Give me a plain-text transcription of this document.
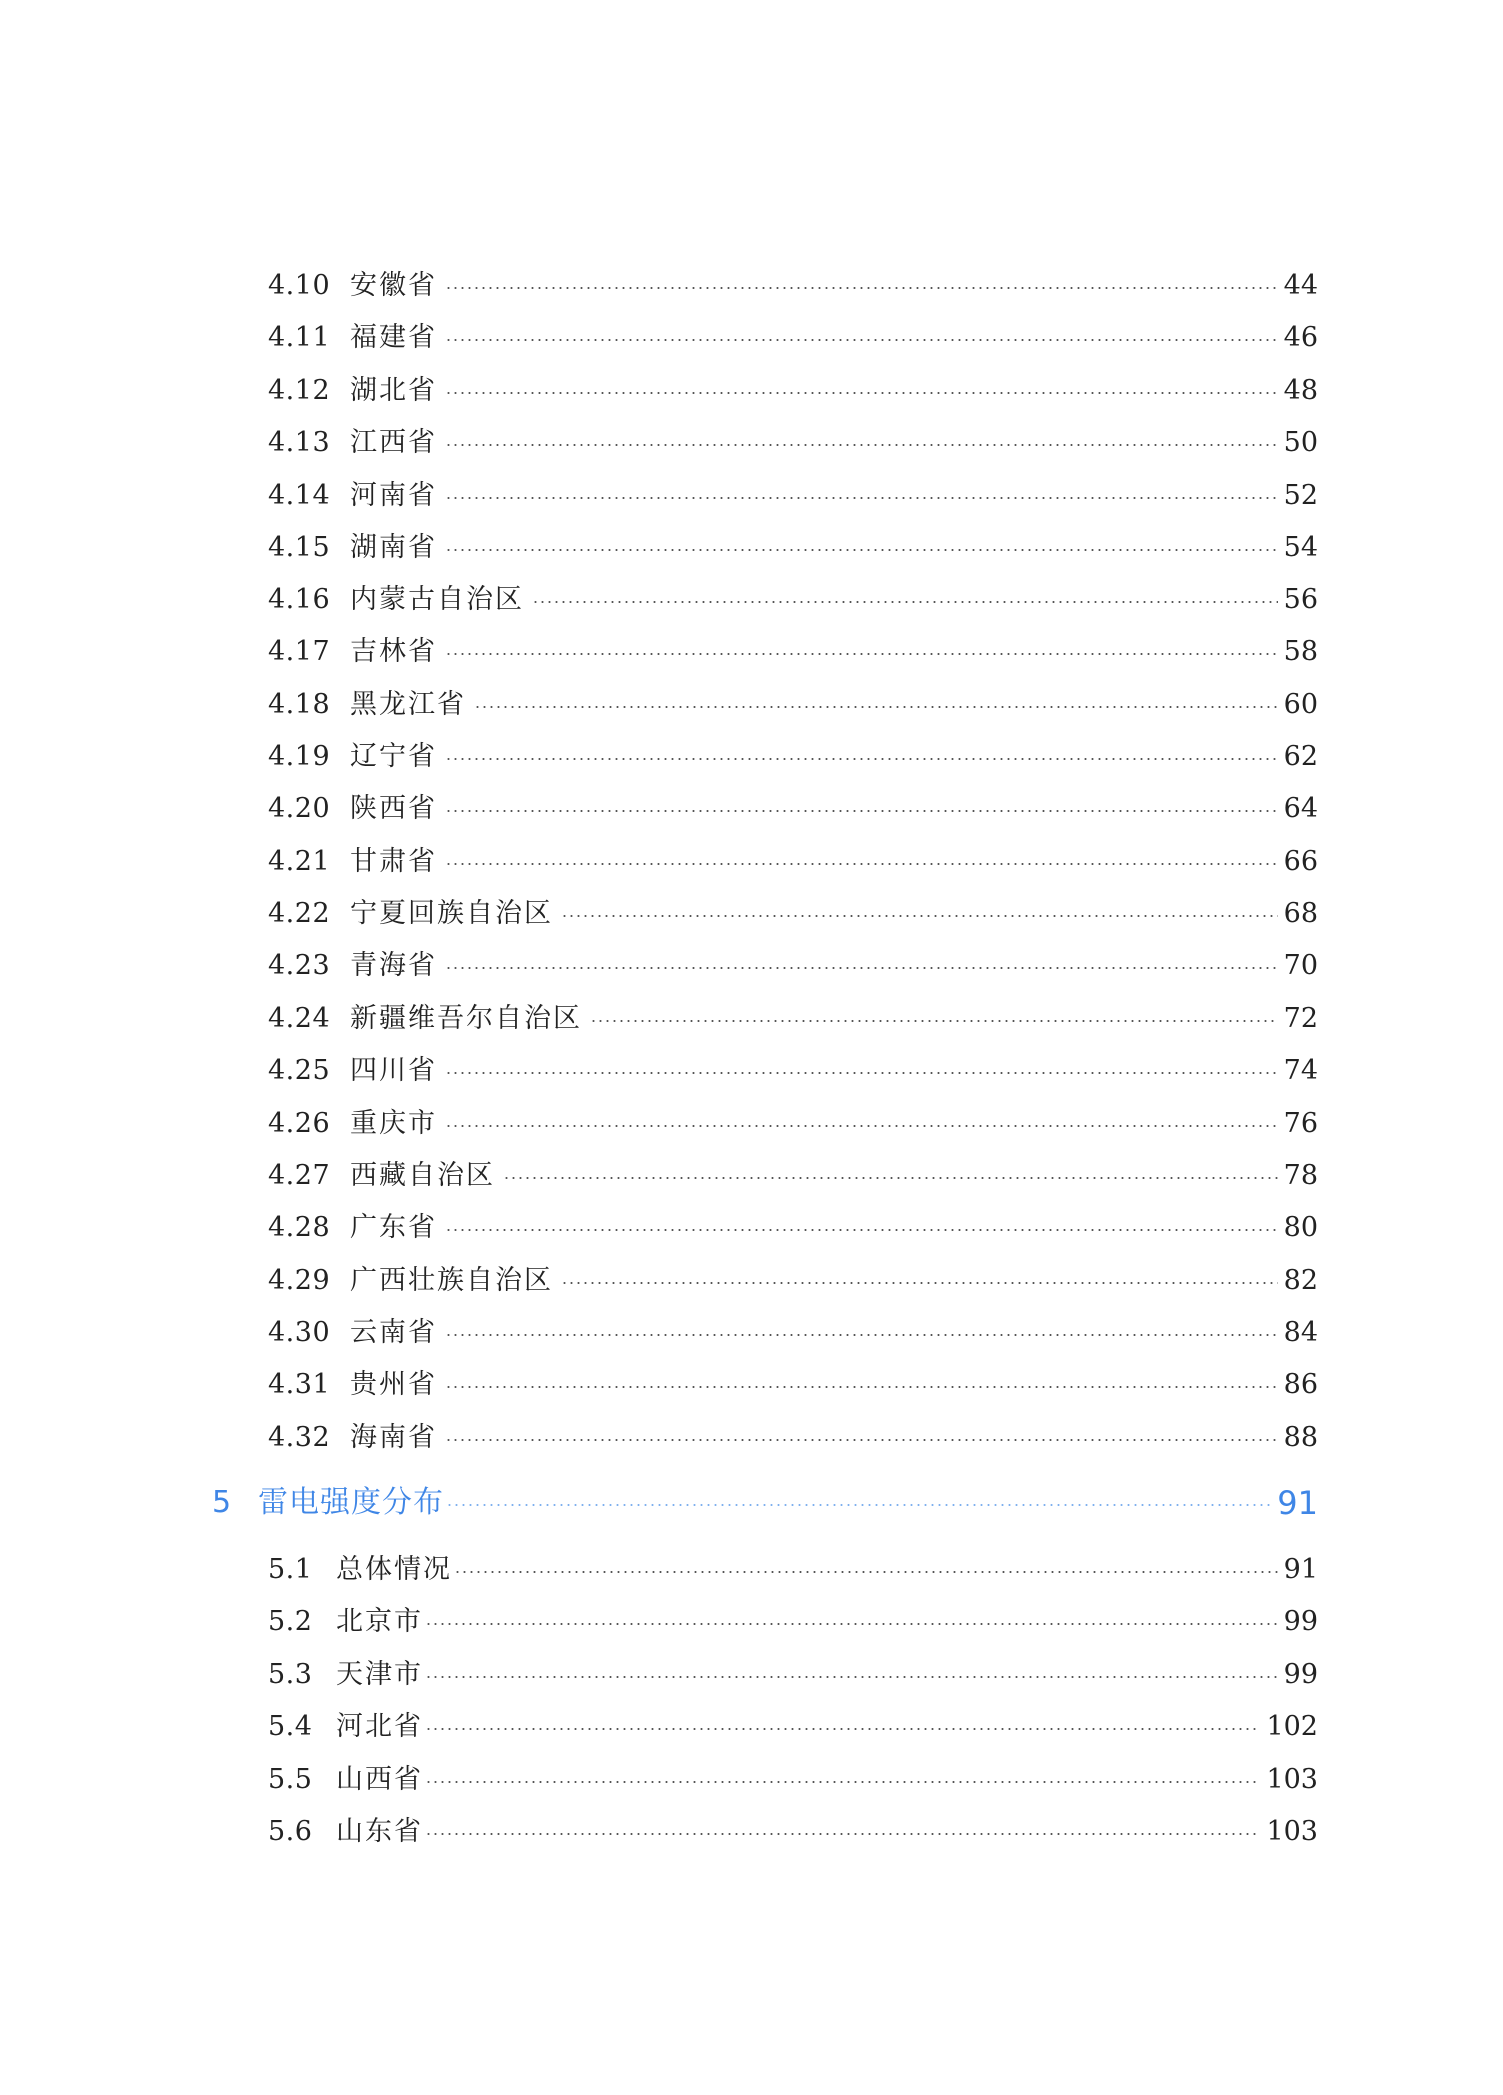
4.10 安徽省	44
4.11 福建省	46
4.12 湖北省	48
4.13 江西省	50
4.14 河南省	52
4.15 湖南省	54
4.16 内蒙古自治区	56
4.17 吉林省	58
4.18 黑龙江省	60
4.19 辽宁省	62
4.20 陕西省	64
4.21 甘肃省	66
4.22 宁夏回族自治区	68
4.23 青海省	70
4.24 新疆维吾尔自治区	72
4.25 四川省	74
4.26 重庆市	76
4.27 西藏自治区	78
4.28 广东省	80
4.29 广西壮族自治区	82
4.30 云南省	84
4.31 贵州省	86
4.32 海南省	88
5 雷电强度分布	91
5.1 总体情况	91
5.2 北京市	99
5.3 天津市	99
5.4 河北省	102
5.5 山西省	103
5.6 山东省	103
